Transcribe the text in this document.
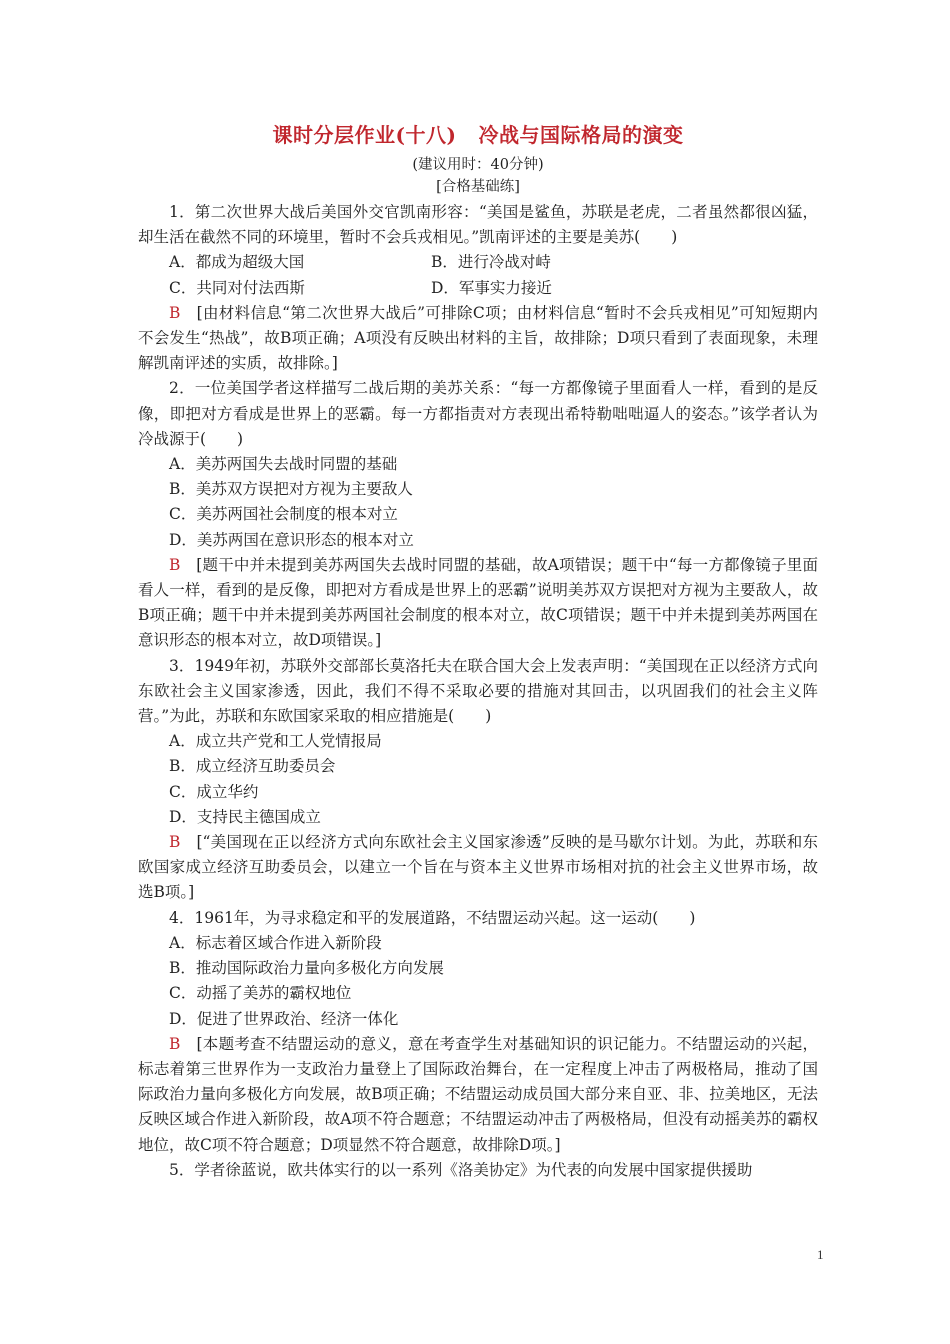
课时分层作业(十八) 冷战与国际格局的演变
(建议用时：40分钟)
[合格基础练]

1．第二次世界大战后美国外交官凯南形容：“美国是鲨鱼，苏联是老虎，二者虽然都很凶猛，却生活在截然不同的环境里，暂时不会兵戎相见。”凯南评述的主要是美苏(　　)

A．都成为超级大国	B．进行冷战对峙
C．共同对付法西斯	D．军事实力接近

B　 [由材料信息“第二次世界大战后”可排除C项；由材料信息“暂时不会兵戎相见”可知短期内不会发生“热战”，故B项正确；A项没有反映出材料的主旨，故排除；D项只看到了表面现象，未理解凯南评述的实质，故排除。]

2．一位美国学者这样描写二战后期的美苏关系：“每一方都像镜子里面看人一样，看到的是反像，即把对方看成是世界上的恶霸。每一方都指责对方表现出希特勒咄咄逼人的姿态。”该学者认为冷战源于(　　)

A．美苏两国失去战时同盟的基础

B．美苏双方误把对方视为主要敌人

C．美苏两国社会制度的根本对立

D．美苏两国在意识形态的根本对立

B　 [题干中并未提到美苏两国失去战时同盟的基础，故A项错误；题干中“每一方都像镜子里面看人一样，看到的是反像，即把对方看成是世界上的恶霸”说明美苏双方误把对方视为主要敌人，故B项正确；题干中并未提到美苏两国社会制度的根本对立，故C项错误；题干中并未提到美苏两国在意识形态的根本对立，故D项错误。]

3．1949年初，苏联外交部部长莫洛托夫在联合国大会上发表声明：“美国现在正以经济方式向东欧社会主义国家渗透，因此，我们不得不采取必要的措施对其回击，以巩固我们的社会主义阵营。”为此，苏联和东欧国家采取的相应措施是(　　)

A．成立共产党和工人党情报局

B．成立经济互助委员会

C．成立华约

D．支持民主德国成立

B　 [“美国现在正以经济方式向东欧社会主义国家渗透”反映的是马歇尔计划。为此，苏联和东欧国家成立经济互助委员会，以建立一个旨在与资本主义世界市场相对抗的社会主义世界市场，故选B项。]

4．1961年，为寻求稳定和平的发展道路，不结盟运动兴起。这一运动(　　)

A．标志着区域合作进入新阶段

B．推动国际政治力量向多极化方向发展

C．动摇了美苏的霸权地位

D．促进了世界政治、经济一体化

B　 [本题考查不结盟运动的意义，意在考查学生对基础知识的识记能力。不结盟运动的兴起，标志着第三世界作为一支政治力量登上了国际政治舞台，在一定程度上冲击了两极格局，推动了国际政治力量向多极化方向发展，故B项正确；不结盟运动成员国大部分来自亚、非、拉美地区，无法反映区域合作进入新阶段，故A项不符合题意；不结盟运动冲击了两极格局，但没有动摇美苏的霸权地位，故C项不符合题意；D项显然不符合题意，故排除D项。]

5．学者徐蓝说，欧共体实行的以一系列《洛美协定》为代表的向发展中国家提供援助

1
